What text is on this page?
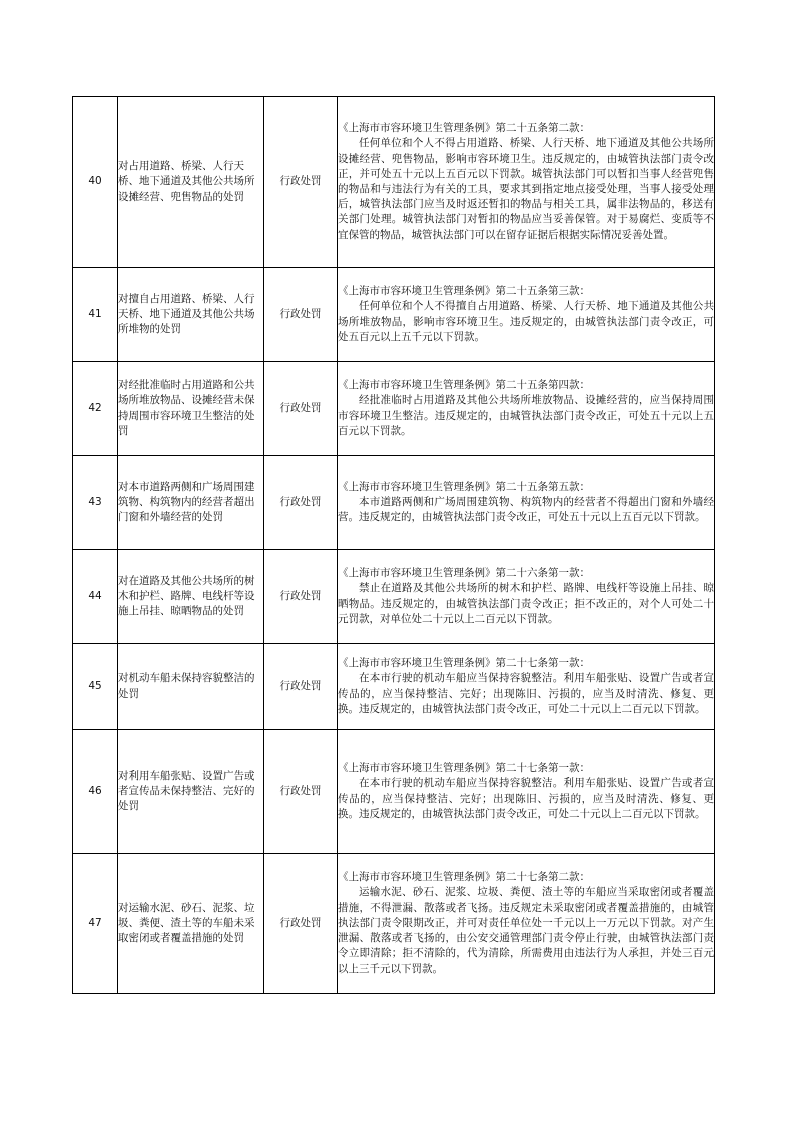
40	对占用道路、桥梁、人行天桥、地下通道及其他公共场所设摊经营、兜售物品的处罚	行政处罚	《上海市市容环境卫生管理条例》第二十五条第二款：
任何单位和个人不得占用道路、桥梁、人行天桥、地下通道及其他公共场所设摊经营、兜售物品，影响市容环境卫生。违反规定的，由城管执法部门责令改正，并可处五十元以上五百元以下罚款。城管执法部门可以暂扣当事人经营兜售的物品和与违法行为有关的工具，要求其到指定地点接受处理，当事人接受处理后，城管执法部门应当及时返还暂扣的物品与相关工具，属非法物品的，移送有关部门处理。城管执法部门对暂扣的物品应当妥善保管。对于易腐烂、变质等不宜保管的物品，城管执法部门可以在留存证据后根据实际情况妥善处置。

41	对擅自占用道路、桥梁、人行天桥、地下通道及其他公共场所堆物的处罚	行政处罚	《上海市市容环境卫生管理条例》第二十五条第三款：
任何单位和个人不得擅自占用道路、桥梁、人行天桥、地下通道及其他公共场所堆放物品，影响市容环境卫生。违反规定的，由城管执法部门责令改正，可处五百元以上五千元以下罚款。

42	对经批准临时占用道路和公共场所堆放物品、设摊经营未保持周围市容环境卫生整洁的处罚	行政处罚	《上海市市容环境卫生管理条例》第二十五条第四款：
经批准临时占用道路及其他公共场所堆放物品、设摊经营的，应当保持周围市容环境卫生整洁。违反规定的，由城管执法部门责令改正，可处五十元以上五百元以下罚款。

43	对本市道路两侧和广场周围建筑物、构筑物内的经营者超出门窗和外墙经营的处罚	行政处罚	《上海市市容环境卫生管理条例》第二十五条第五款：
本市道路两侧和广场周围建筑物、构筑物内的经营者不得超出门窗和外墙经营。违反规定的，由城管执法部门责令改正，可处五十元以上五百元以下罚款。

44	对在道路及其他公共场所的树木和护栏、路牌、电线杆等设施上吊挂、晾晒物品的处罚	行政处罚	《上海市市容环境卫生管理条例》第二十六条第一款：
禁止在道路及其他公共场所的树木和护栏、路牌、电线杆等设施上吊挂、晾晒物品。违反规定的，由城管执法部门责令改正；拒不改正的，对个人可处二十元罚款，对单位处二十元以上二百元以下罚款。

45	对机动车船未保持容貌整洁的处罚	行政处罚	《上海市市容环境卫生管理条例》第二十七条第一款：
在本市行驶的机动车船应当保持容貌整洁。利用车船张贴、设置广告或者宣传品的，应当保持整洁、完好；出现陈旧、污损的，应当及时清洗、修复、更换。违反规定的，由城管执法部门责令改正，可处二十元以上二百元以下罚款。

46	对利用车船张贴、设置广告或者宣传品未保持整洁、完好的处罚	行政处罚	《上海市市容环境卫生管理条例》第二十七条第一款：
在本市行驶的机动车船应当保持容貌整洁。利用车船张贴、设置广告或者宣传品的，应当保持整洁、完好；出现陈旧、污损的，应当及时清洗、修复、更换。违反规定的，由城管执法部门责令改正，可处二十元以上二百元以下罚款。

47	对运输水泥、砂石、泥浆、垃圾、粪便、渣土等的车船未采取密闭或者覆盖措施的处罚	行政处罚	《上海市市容环境卫生管理条例》第二十七条第二款：
运输水泥、砂石、泥浆、垃圾、粪便、渣土等的车船应当采取密闭或者覆盖措施，不得泄漏、散落或者飞扬。违反规定未采取密闭或者覆盖措施的，由城管执法部门责令限期改正，并可对责任单位处一千元以上一万元以下罚款。对产生泄漏、散落或者飞扬的，由公安交通管理部门责令停止行驶，由城管执法部门责令立即清除；拒不清除的，代为清除，所需费用由违法行为人承担，并处三百元以上三千元以下罚款。
